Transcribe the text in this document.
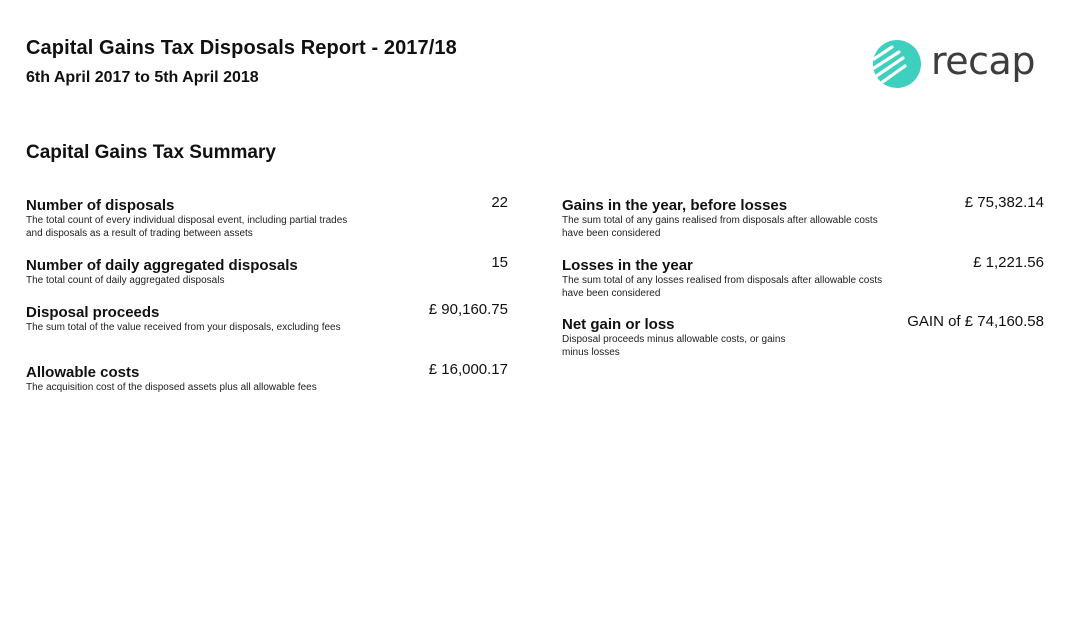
Capital Gains Tax Disposals Report - 2017/18
6th April 2017 to 5th April 2018	recap
Capital Gains Tax Summary
Number of disposals
The total count of every individual disposal event, including partial trades and disposals as a result of trading between assets
22
Number of daily aggregated disposals
The total count of daily aggregated disposals
15
Disposal proceeds
The sum total of the value received from your disposals, excluding fees
£ 90,160.75
Allowable costs
The acquisition cost of the disposed assets plus all allowable fees
£ 16,000.17
Gains in the year, before losses
The sum total of any gains realised from disposals after allowable costs have been considered
£ 75,382.14
Losses in the year
The sum total of any losses realised from disposals after allowable costs have been considered
£ 1,221.56
Net gain or loss
Disposal proceeds minus allowable costs, or gains minus losses
GAIN of £ 74,160.58
